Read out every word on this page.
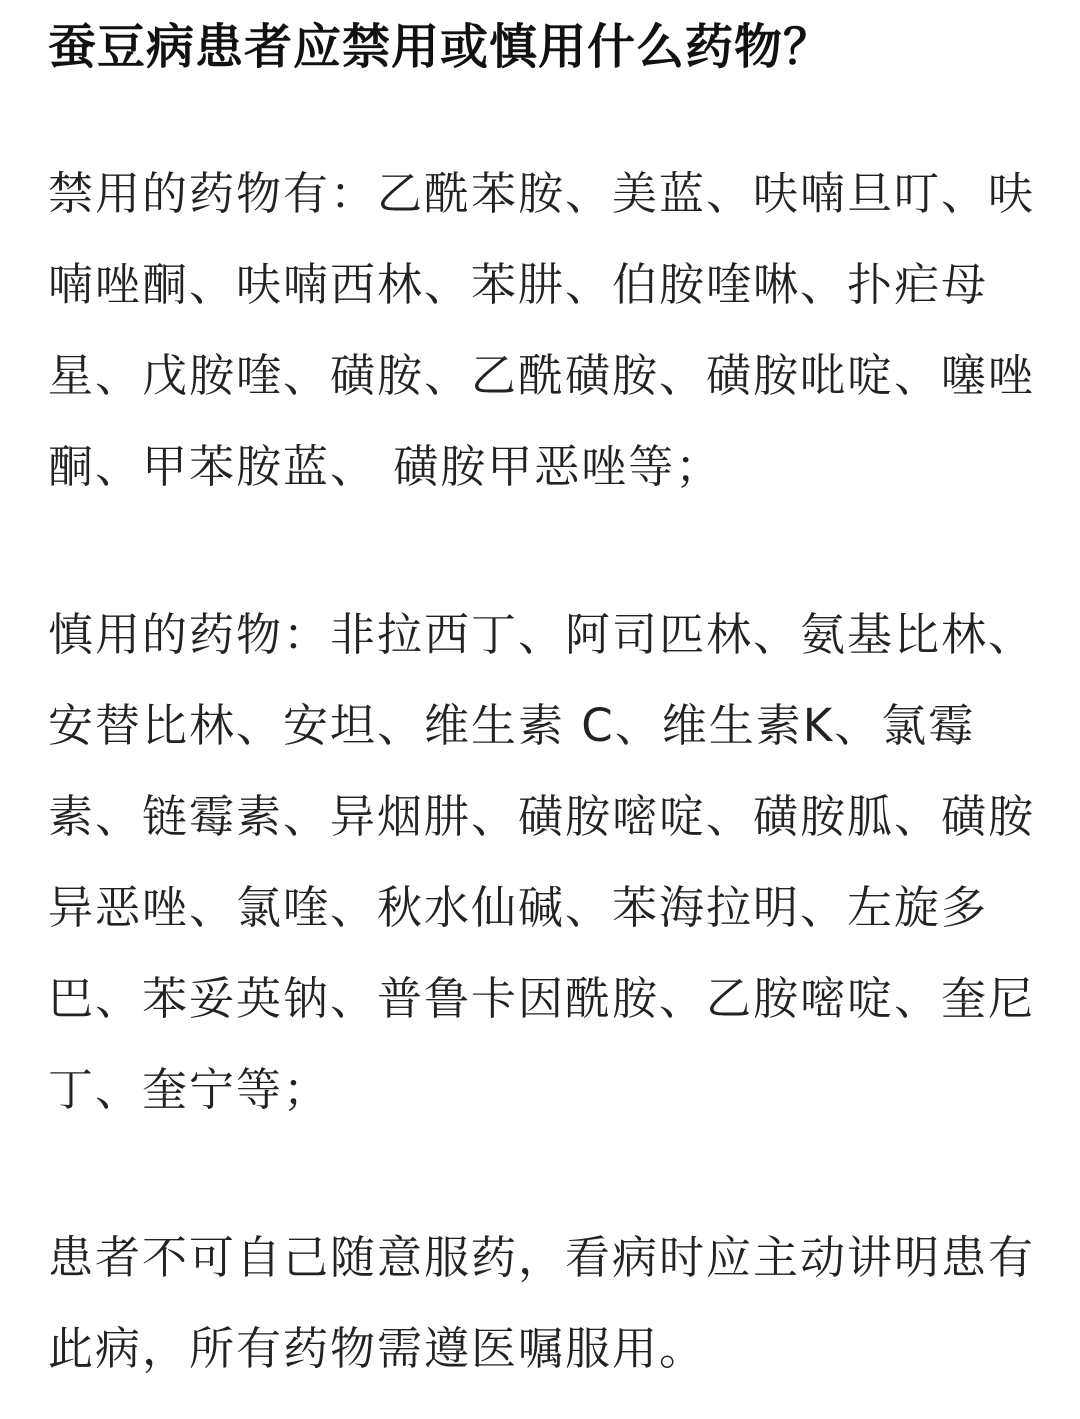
蚕豆病患者应禁用或慎用什么药物？

禁用的药物有：乙酰苯胺、美蓝、呋喃旦叮、呋喃唑酮、呋喃西林、苯肼、伯胺喹啉、扑疟母星、戊胺喹、磺胺、乙酰磺胺、磺胺吡啶、噻唑酮、甲苯胺蓝、 磺胺甲恶唑等；

慎用的药物：非拉西丁、阿司匹林、氨基比林、安替比林、安坦、维生素 C、维生素K、氯霉素、链霉素、异烟肼、磺胺嘧啶、磺胺胍、磺胺异恶唑、氯喹、秋水仙碱、苯海拉明、左旋多巴、苯妥英钠、普鲁卡因酰胺、乙胺嘧啶、奎尼丁、奎宁等；

患者不可自己随意服药，看病时应主动讲明患有此病，所有药物需遵医嘱服用。
